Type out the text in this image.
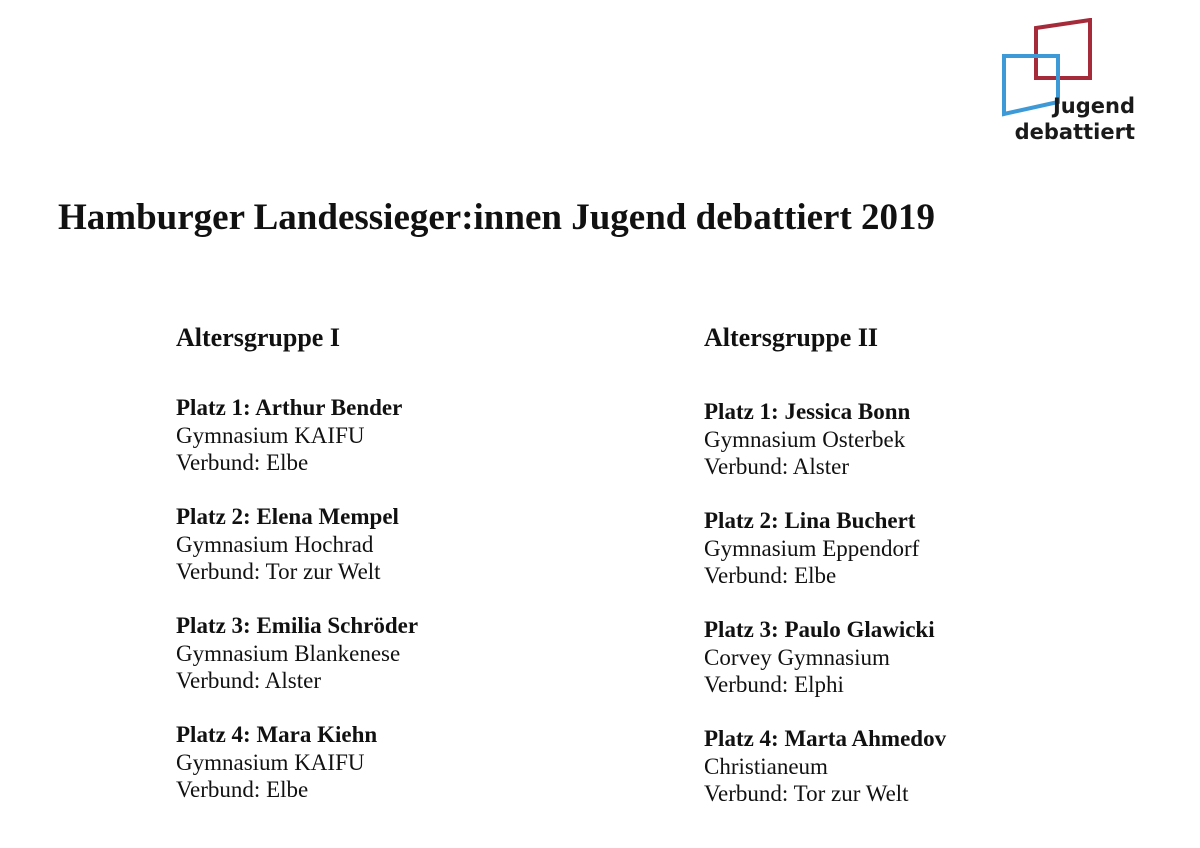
Jugend
debattiert
Hamburger Landessieger:innen Jugend debattiert 2019
Altersgruppe I
Platz 1: Arthur Bender
Gymnasium KAIFU
Verbund: Elbe
Platz 2: Elena Mempel
Gymnasium Hochrad
Verbund: Tor zur Welt
Platz 3: Emilia Schröder
Gymnasium Blankenese
Verbund: Alster
Platz 4: Mara Kiehn
Gymnasium KAIFU
Verbund: Elbe
Altersgruppe II
Platz 1: Jessica Bonn
Gymnasium Osterbek
Verbund: Alster
Platz 2: Lina Buchert
Gymnasium Eppendorf
Verbund: Elbe
Platz 3: Paulo Glawicki
Corvey Gymnasium
Verbund: Elphi
Platz 4: Marta Ahmedov
Christianeum
Verbund: Tor zur Welt
